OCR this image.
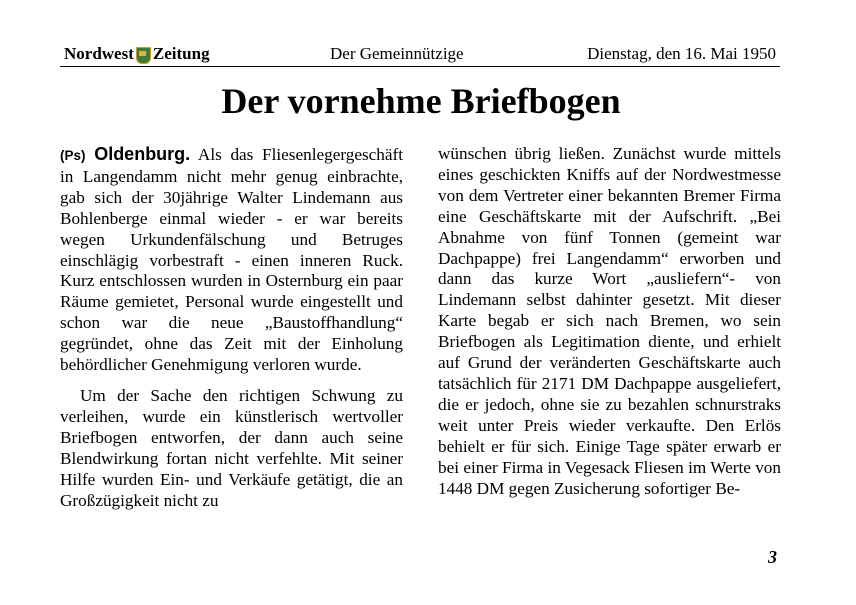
Nordwest Zeitung	Der Gemeinnützige	Dienstag, den 16. Mai 1950
Der vornehme Briefbogen

(Ps) Oldenburg. Als das Fliesenlegergeschäft in Langendamm nicht mehr genug einbrachte, gab sich der 30jährige Walter Lindemann aus Bohlenberge einmal wieder - er war bereits wegen Urkundenfälschung und Betruges einschlägig vorbestraft - einen inneren Ruck. Kurz entschlossen wurden in Osternburg ein paar Räume gemietet, Personal wurde eingestellt und schon war die neue „Baustoffhandlung“ gegründet, ohne das Zeit mit der Einholung behördlicher Genehmigung verloren wurde.

Um der Sache den richtigen Schwung zu verleihen, wurde ein künstlerisch wertvoller Briefbogen entworfen, der dann auch seine Blendwirkung fortan nicht verfehlte. Mit seiner Hilfe wurden Ein- und Verkäufe getätigt, die an Großzügigkeit nicht zu

wünschen übrig ließen. Zunächst wurde mittels eines geschickten Kniffs auf der Nordwestmesse von dem Vertreter einer bekannten Bremer Firma eine Geschäftskarte mit der Aufschrift. „Bei Abnahme von fünf Tonnen (gemeint war Dachpappe) frei Langendamm“ erworben und dann das kurze Wort „ausliefern“- von Lindemann selbst dahinter gesetzt. Mit dieser Karte begab er sich nach Bremen, wo sein Briefbogen als Legitimation diente, und erhielt auf Grund der veränderten Geschäftskarte auch tatsächlich für 2171 DM Dachpappe ausgeliefert, die er jedoch, ohne sie zu bezahlen schnurstraks weit unter Preis wieder verkaufte. Den Erlös behielt er für sich. Einige Tage später erwarb er bei einer Firma in Vegesack Fliesen im Werte von 1448 DM gegen Zusicherung sofortiger Be-

3
